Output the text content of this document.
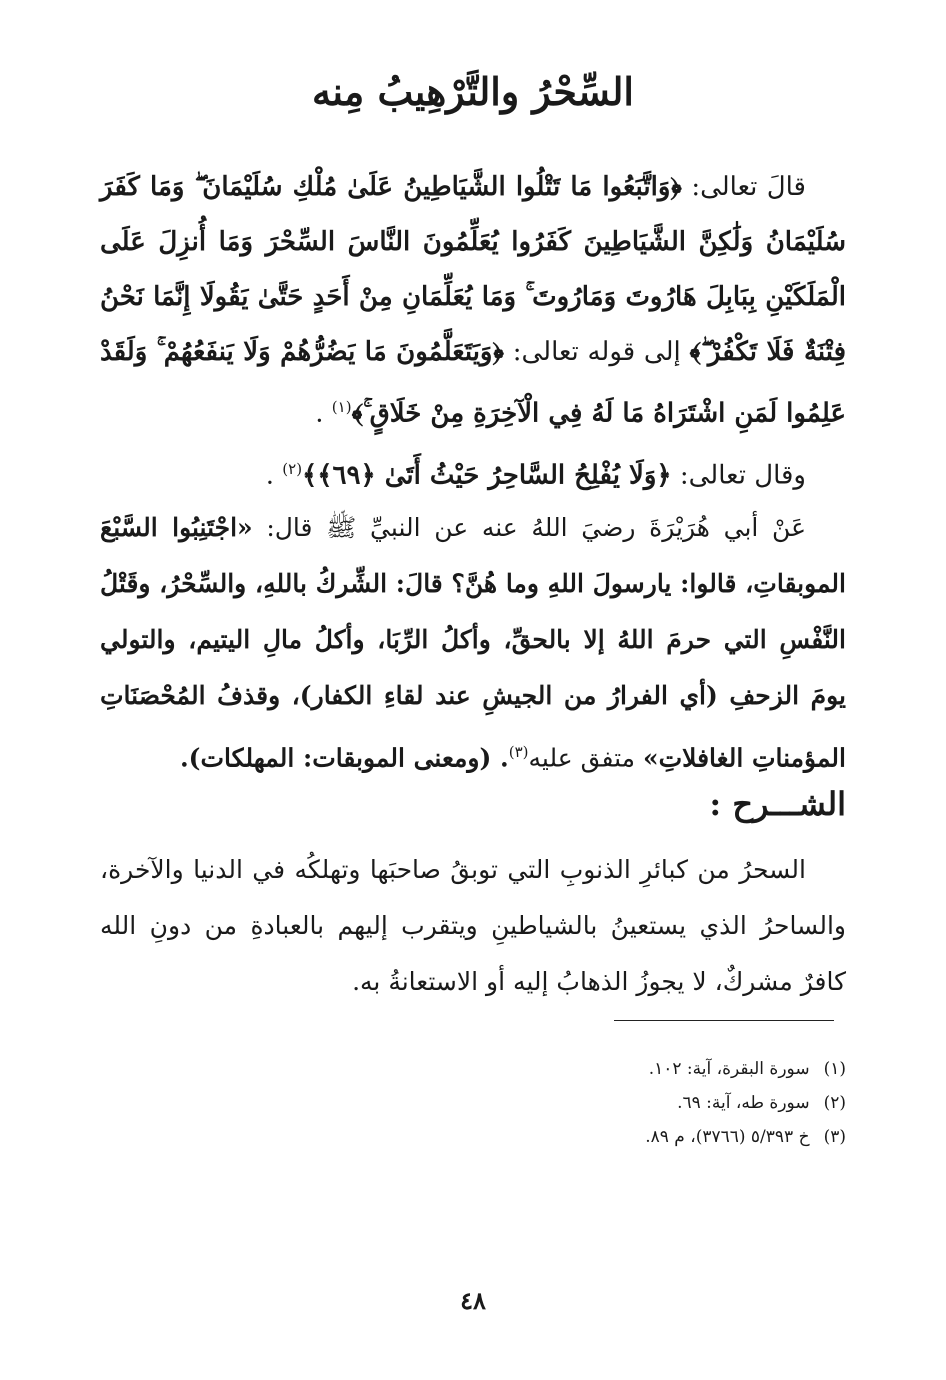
السِّحْرُ والتَّرْهِيبُ مِنه

قالَ تعالى: ﴿وَاتَّبَعُوا مَا تَتْلُوا الشَّيَاطِينُ عَلَىٰ مُلْكِ سُلَيْمَانَ ۖ وَمَا كَفَرَ سُلَيْمَانُ وَلَٰكِنَّ الشَّيَاطِينَ كَفَرُوا يُعَلِّمُونَ النَّاسَ السِّحْرَ وَمَا أُنزِلَ عَلَى الْمَلَكَيْنِ بِبَابِلَ هَارُوتَ وَمَارُوتَ ۚ وَمَا يُعَلِّمَانِ مِنْ أَحَدٍ حَتَّىٰ يَقُولَا إِنَّمَا نَحْنُ فِتْنَةٌ فَلَا تَكْفُرْ ۖ﴾ إلى قوله تعالى: ﴿وَيَتَعَلَّمُونَ مَا يَضُرُّهُمْ وَلَا يَنفَعُهُمْ ۚ وَلَقَدْ عَلِمُوا لَمَنِ اشْتَرَاهُ مَا لَهُ فِي الْآخِرَةِ مِنْ خَلَاقٍ ۚ﴾$^{(١)}$ .

وقال تعالى: ﴿وَلَا يُفْلِحُ السَّاحِرُ حَيْثُ أَتَىٰ ﴿٦٩﴾﴾$^{(٢)}$ .

عَنْ أبي هُرَيْرَةَ رضيَ اللهُ عنه عن النبيِّ ﷺ قال: «اجْتَنِبُوا السَّبْعَ الموبقاتِ، قالوا: يارسولَ اللهِ وما هُنَّ؟ قالَ: الشِّركُ باللهِ، والسِّحْرُ، وقَتْلُ النَّفْسِ التي حرمَ اللهُ إلا بالحقِّ، وأكلُ الرِّبَا، وأكلُ مالِ اليتيم، والتولي يومَ الزحفِ (أي الفرارُ من الجيشِ عند لقاءِ الكفار)، وقذفُ المُحْصَنَاتِ المؤمناتِ الغافلاتِ» متفق عليه$^{(٣)}$. (ومعنى الموبقات: المهلكات).

الشـــرح :

السحرُ من كبائرِ الذنوبِ التي توبقُ صاحبَها وتهلكُه في الدنيا والآخرة، والساحرُ الذي يستعينُ بالشياطينِ ويتقرب إليهم بالعبادةِ من دونِ الله كافرٌ مشركٌ، لا يجوزُ الذهابُ إليه أو الاستعانةُ به.

(١)سورة البقرة، آية: ١٠٢.
(٢)سورة طه، آية: ٦٩.
(٣)خ ٥/٣٩٣ (٣٧٦٦)، م ٨٩.
٤٨
